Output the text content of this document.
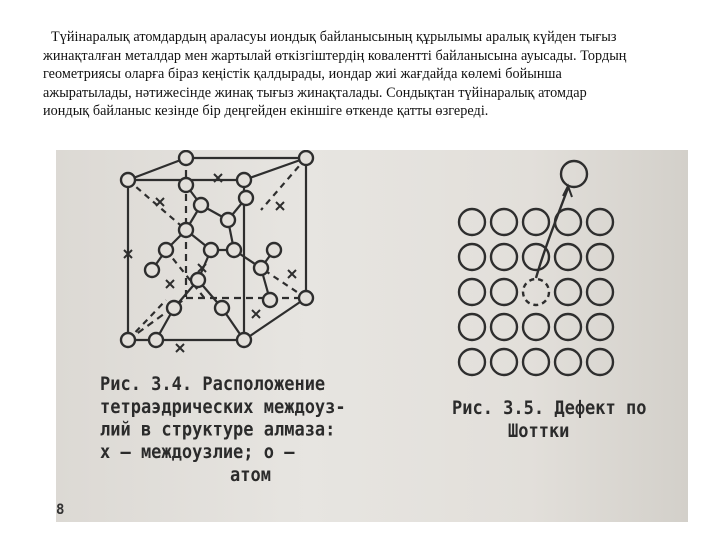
Түйінаралық атомдардың араласуы иондық байланысының құрылымы аралық күйден тығыз
жинақталған металдар мен жартылай өткізгіштердің ковалентті байланысына ауысады. Тордың
геометриясы оларға біраз кеңістік қалдырады, иондар жиі жағдайда көлемі бойынша
ажыратылады, нәтижесінде жинақ тығыз жинақталады. Сондықтан түйінаралық атомдар
иондық байланыс кезінде бір деңгейден екіншіге өткенде қатты өзгереді.
Рис. 3.4. Расположение
тетраэдрических междоуз-
лий в структуре алмаза:
х — междоузлие; о —
атом
Рис. 3.5. Дефект по
Шоттки
8
